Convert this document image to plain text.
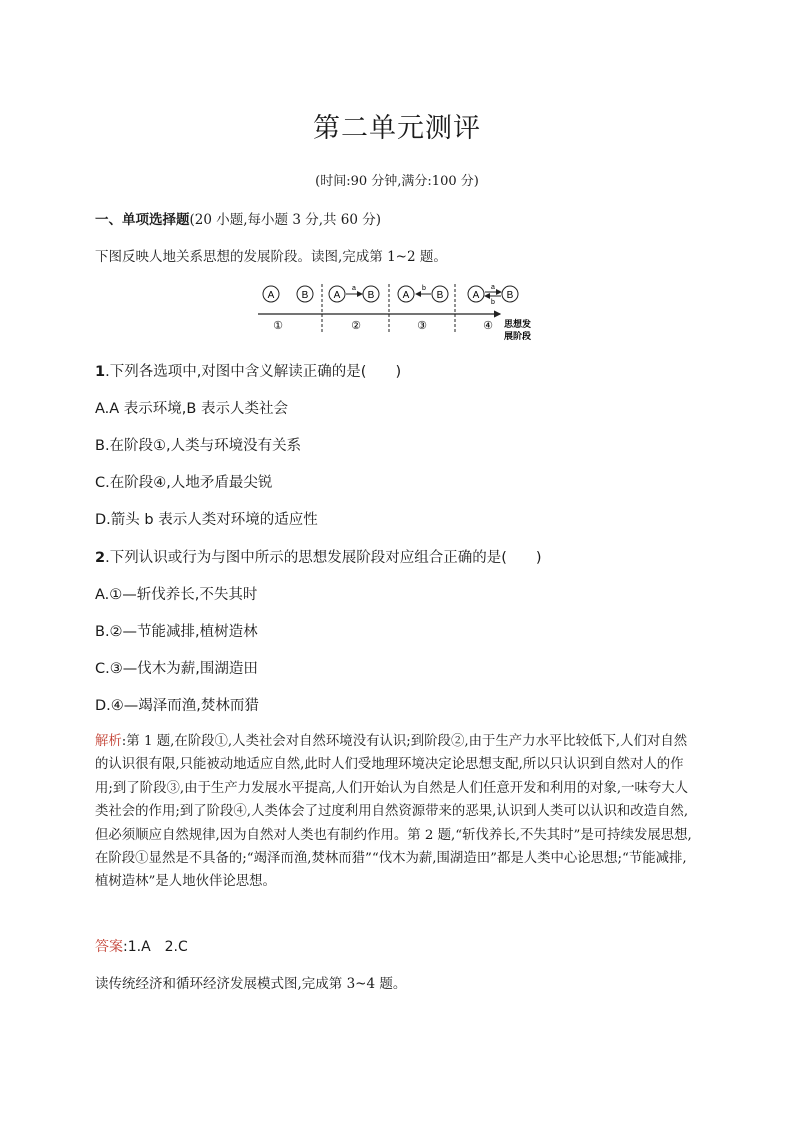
第二单元测评
(时间:90 分钟,满分:100 分)
一、单项选择题(20 小题,每小题 3 分,共 60 分)
下图反映人地关系思想的发展阶段。读图,完成第 1~2 题。
A	B	A
a
B	A
b
B	A
a
b
B
①	②	③	④ 思想发
展阶段
1.下列各选项中,对图中含义解读正确的是(　　)
A.A 表示环境,B 表示人类社会
B.在阶段①,人类与环境没有关系
C.在阶段④,人地矛盾最尖锐
D.箭头 b 表示人类对环境的适应性
2.下列认识或行为与图中所示的思想发展阶段对应组合正确的是(　　)
A.①—斩伐养长,不失其时
B.②—节能减排,植树造林
C.③—伐木为薪,围湖造田
D.④—竭泽而渔,焚林而猎
解析:第 1 题,在阶段①,人类社会对自然环境没有认识;到阶段②,由于生产力水平比较低下,人们对自然的认识很有限,只能被动地适应自然,此时人们受地理环境决定论思想支配,所以只认识到自然对人的作用;到了阶段③,由于生产力发展水平提高,人们开始认为自然是人们任意开发和利用的对象,一味夸大人类社会的作用;到了阶段④,人类体会了过度利用自然资源带来的恶果,认识到人类可以认识和改造自然,但必须顺应自然规律,因为自然对人类也有制约作用。第 2 题,“斩伐养长,不失其时”是可持续发展思想,在阶段①显然是不具备的;“竭泽而渔,焚林而猎”“伐木为薪,围湖造田”都是人类中心论思想;“节能减排,植树造林”是人地伙伴论思想。
答案:1.A　2.C
读传统经济和循环经济发展模式图,完成第 3~4 题。
